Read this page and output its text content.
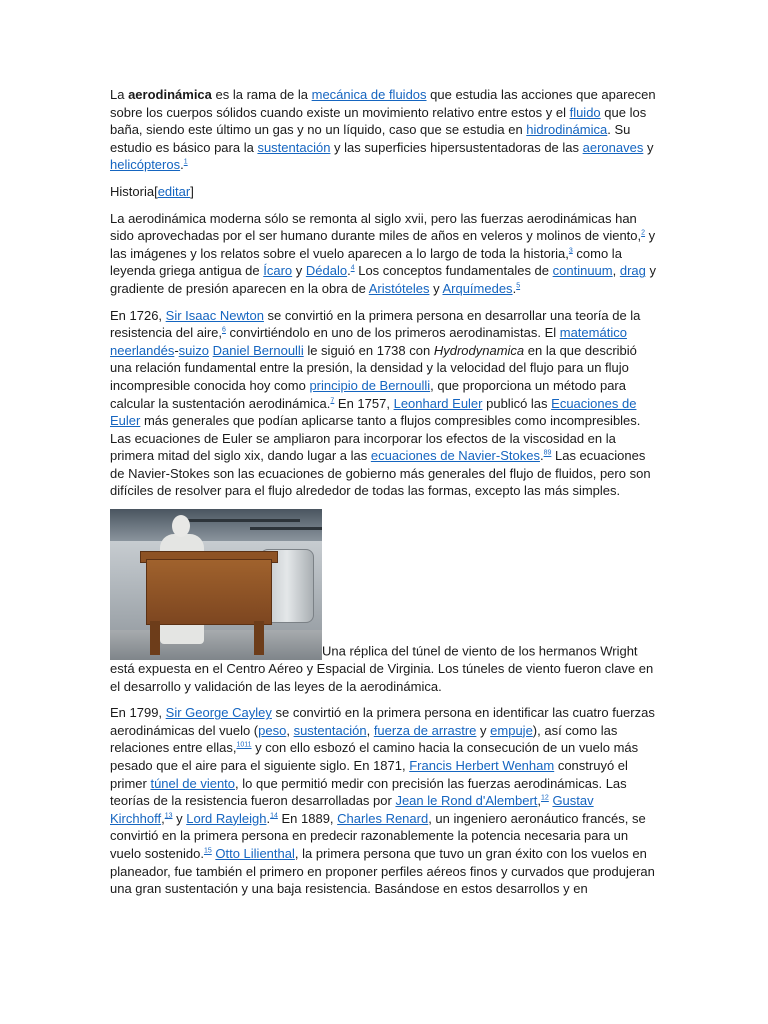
La aerodinámica es la rama de la mecánica de fluidos que estudia las acciones que aparecen sobre los cuerpos sólidos cuando existe un movimiento relativo entre estos y el fluido que los baña, siendo este último un gas y no un líquido, caso que se estudia en hidrodinámica. Su estudio es básico para la sustentación y las superficies hipersustentadoras de las aeronaves y helicópteros.$^1$

Historia[editar]

La aerodinámica moderna sólo se remonta al siglo xvii, pero las fuerzas aerodinámicas han sido aprovechadas por el ser humano durante miles de años en veleros y molinos de viento,$^2$ y las imágenes y los relatos sobre el vuelo aparecen a lo largo de toda la historia,$^3$ como la leyenda griega antigua de Ícaro y Dédalo.$^4$ Los conceptos fundamentales de continuum, drag y gradiente de presión aparecen en la obra de Aristóteles y Arquímedes.$^5$

En 1726, Sir Isaac Newton se convirtió en la primera persona en desarrollar una teoría de la resistencia del aire,$^6$ convirtiéndolo en uno de los primeros aerodinamistas. El matemático neerlandés-suizo Daniel Bernoulli le siguió en 1738 con Hydrodynamica en la que describió una relación fundamental entre la presión, la densidad y la velocidad del flujo para un flujo incompresible conocida hoy como principio de Bernoulli, que proporciona un método para calcular la sustentación aerodinámica.$^7$ En 1757, Leonhard Euler publicó las Ecuaciones de Euler más generales que podían aplicarse tanto a flujos compresibles como incompresibles. Las ecuaciones de Euler se ampliaron para incorporar los efectos de la viscosidad en la primera mitad del siglo xix, dando lugar a las ecuaciones de Navier-Stokes.$^{89}$ Las ecuaciones de Navier-Stokes son las ecuaciones de gobierno más generales del flujo de fluidos, pero son difíciles de resolver para el flujo alrededor de todas las formas, excepto las más simples.

Una réplica del túnel de viento de los hermanos Wright está expuesta en el Centro Aéreo y Espacial de Virginia. Los túneles de viento fueron clave en el desarrollo y validación de las leyes de la aerodinámica.

En 1799, Sir George Cayley se convirtió en la primera persona en identificar las cuatro fuerzas aerodinámicas del vuelo (peso, sustentación, fuerza de arrastre y empuje), así como las relaciones entre ellas,$^{1011}$ y con ello esbozó el camino hacia la consecución de un vuelo más pesado que el aire para el siguiente siglo. En 1871, Francis Herbert Wenham construyó el primer túnel de viento, lo que permitió medir con precisión las fuerzas aerodinámicas. Las teorías de la resistencia fueron desarrolladas por Jean le Rond d'Alembert,$^{12}$ Gustav Kirchhoff,$^{13}$ y Lord Rayleigh.$^{14}$ En 1889, Charles Renard, un ingeniero aeronáutico francés, se convirtió en la primera persona en predecir razonablemente la potencia necesaria para un vuelo sostenido.$^{15}$ Otto Lilienthal, la primera persona que tuvo un gran éxito con los vuelos en planeador, fue también el primero en proponer perfiles aéreos finos y curvados que produjeran una gran sustentación y una baja resistencia. Basándose en estos desarrollos y en
